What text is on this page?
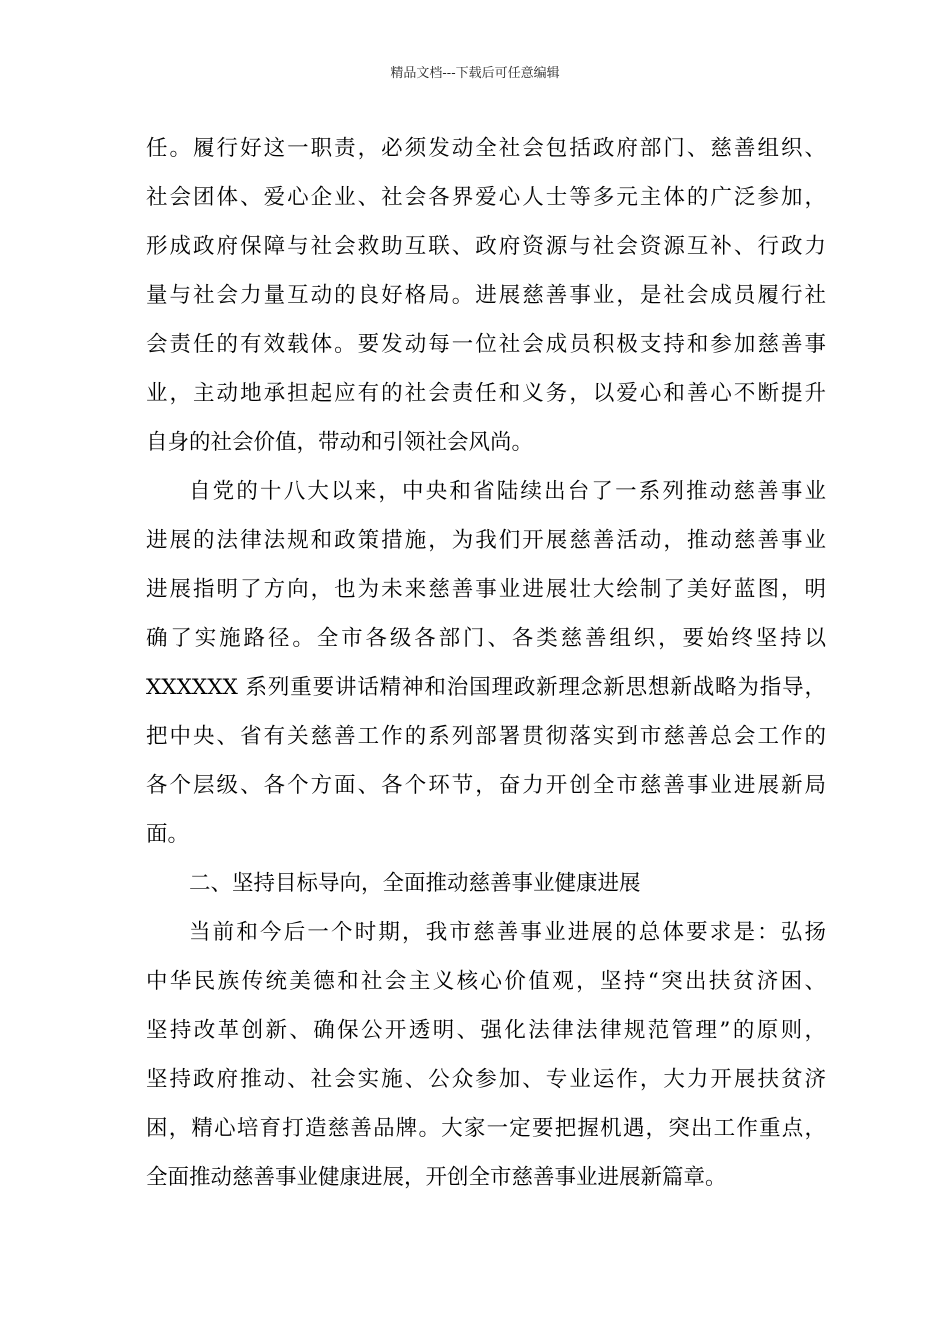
精品文档---下载后可任意编辑
任。履行好这一职责，必须发动全社会包括政府部门、慈善组织、
社会团体、爱心企业、社会各界爱心人士等多元主体的广泛参加，
形成政府保障与社会救助互联、政府资源与社会资源互补、行政力
量与社会力量互动的良好格局。进展慈善事业，是社会成员履行社
会责任的有效载体。要发动每一位社会成员积极支持和参加慈善事
业，主动地承担起应有的社会责任和义务，以爱心和善心不断提升
自身的社会价值，带动和引领社会风尚。
自党的十八大以来，中央和省陆续出台了一系列推动慈善事业
进展的法律法规和政策措施，为我们开展慈善活动，推动慈善事业
进展指明了方向，也为未来慈善事业进展壮大绘制了美好蓝图，明
确了实施路径。全市各级各部门、各类慈善组织，要始终坚持以
XXXXXX 系列重要讲话精神和治国理政新理念新思想新战略为指导，
把中央、省有关慈善工作的系列部署贯彻落实到市慈善总会工作的
各个层级、各个方面、各个环节，奋力开创全市慈善事业进展新局
面。
二、坚持目标导向，全面推动慈善事业健康进展
当前和今后一个时期，我市慈善事业进展的总体要求是：弘扬
中华民族传统美德和社会主义核心价值观，坚持“突出扶贫济困、
坚持改革创新、确保公开透明、强化法律法律规范管理”的原则，
坚持政府推动、社会实施、公众参加、专业运作，大力开展扶贫济
困，精心培育打造慈善品牌。大家一定要把握机遇，突出工作重点，
全面推动慈善事业健康进展，开创全市慈善事业进展新篇章。
